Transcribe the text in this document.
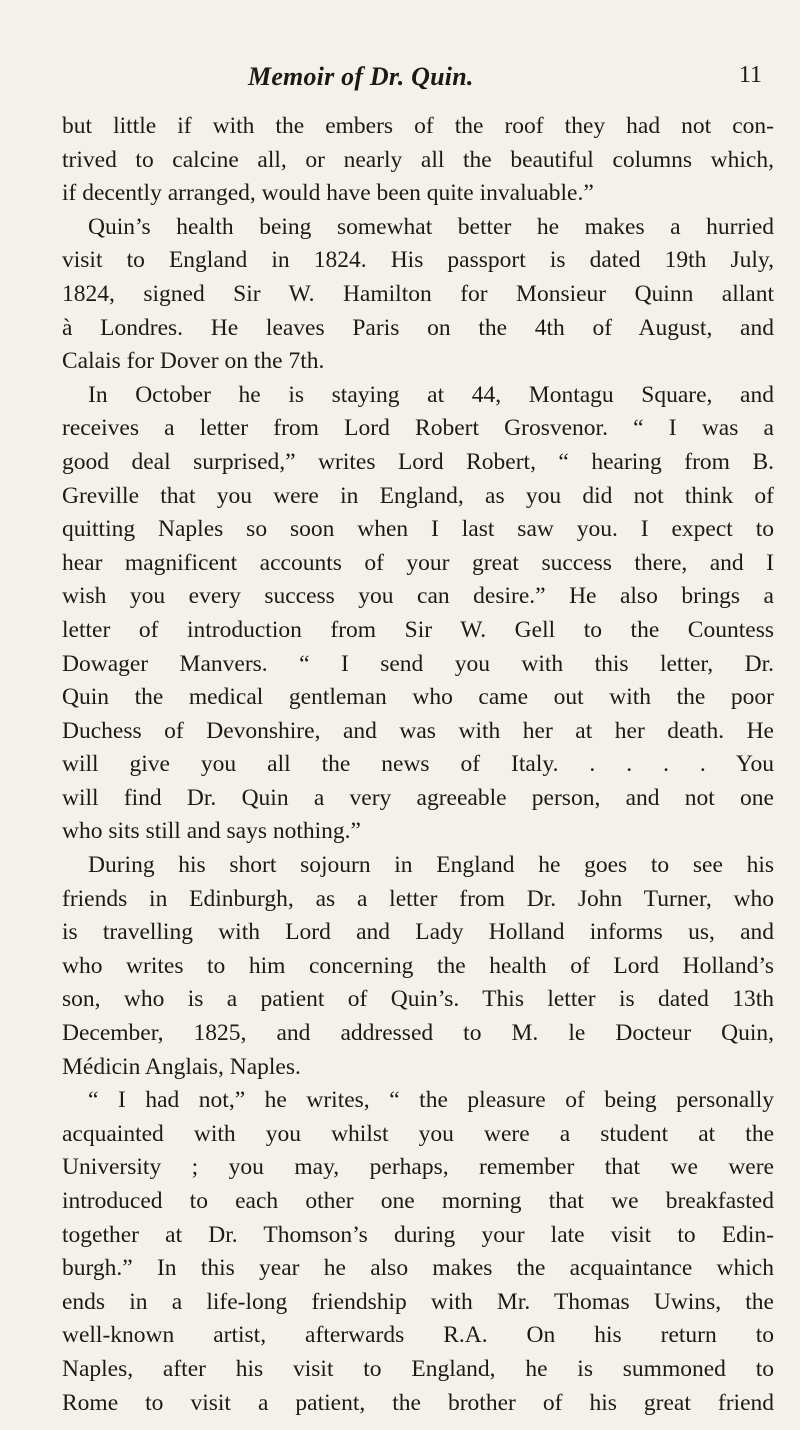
Memoir of Dr. Quin.	11
but little if with the embers of the roof they had not con-
trived to calcine all, or nearly all the beautiful columns which,
if decently arranged, would have been quite invaluable.”
Quin’s health being somewhat better he makes a hurried
visit to England in 1824. His passport is dated 19th July,
1824, signed Sir W. Hamilton for Monsieur Quinn allant
à Londres. He leaves Paris on the 4th of August, and
Calais for Dover on the 7th.
In October he is staying at 44, Montagu Square, and
receives a letter from Lord Robert Grosvenor. “ I was a
good deal surprised,” writes Lord Robert, “ hearing from B.
Greville that you were in England, as you did not think of
quitting Naples so soon when I last saw you. I expect to
hear magnificent accounts of your great success there, and I
wish you every success you can desire.” He also brings a
letter of introduction from Sir W. Gell to the Countess
Dowager Manvers. “ I send you with this letter, Dr.
Quin the medical gentleman who came out with the poor
Duchess of Devonshire, and was with her at her death. He
will give you all the news of Italy. . . . . You
will find Dr. Quin a very agreeable person, and not one
who sits still and says nothing.”
During his short sojourn in England he goes to see his
friends in Edinburgh, as a letter from Dr. John Turner, who
is travelling with Lord and Lady Holland informs us, and
who writes to him concerning the health of Lord Holland’s
son, who is a patient of Quin’s. This letter is dated 13th
December, 1825, and addressed to M. le Docteur Quin,
Médicin Anglais, Naples.
“ I had not,” he writes, “ the pleasure of being personally
acquainted with you whilst you were a student at the
University ; you may, perhaps, remember that we were
introduced to each other one morning that we breakfasted
together at Dr. Thomson’s during your late visit to Edin-
burgh.” In this year he also makes the acquaintance which
ends in a life-long friendship with Mr. Thomas Uwins, the
well-known artist, afterwards R.A. On his return to
Naples, after his visit to England, he is summoned to
Rome to visit a patient, the brother of his great friend
